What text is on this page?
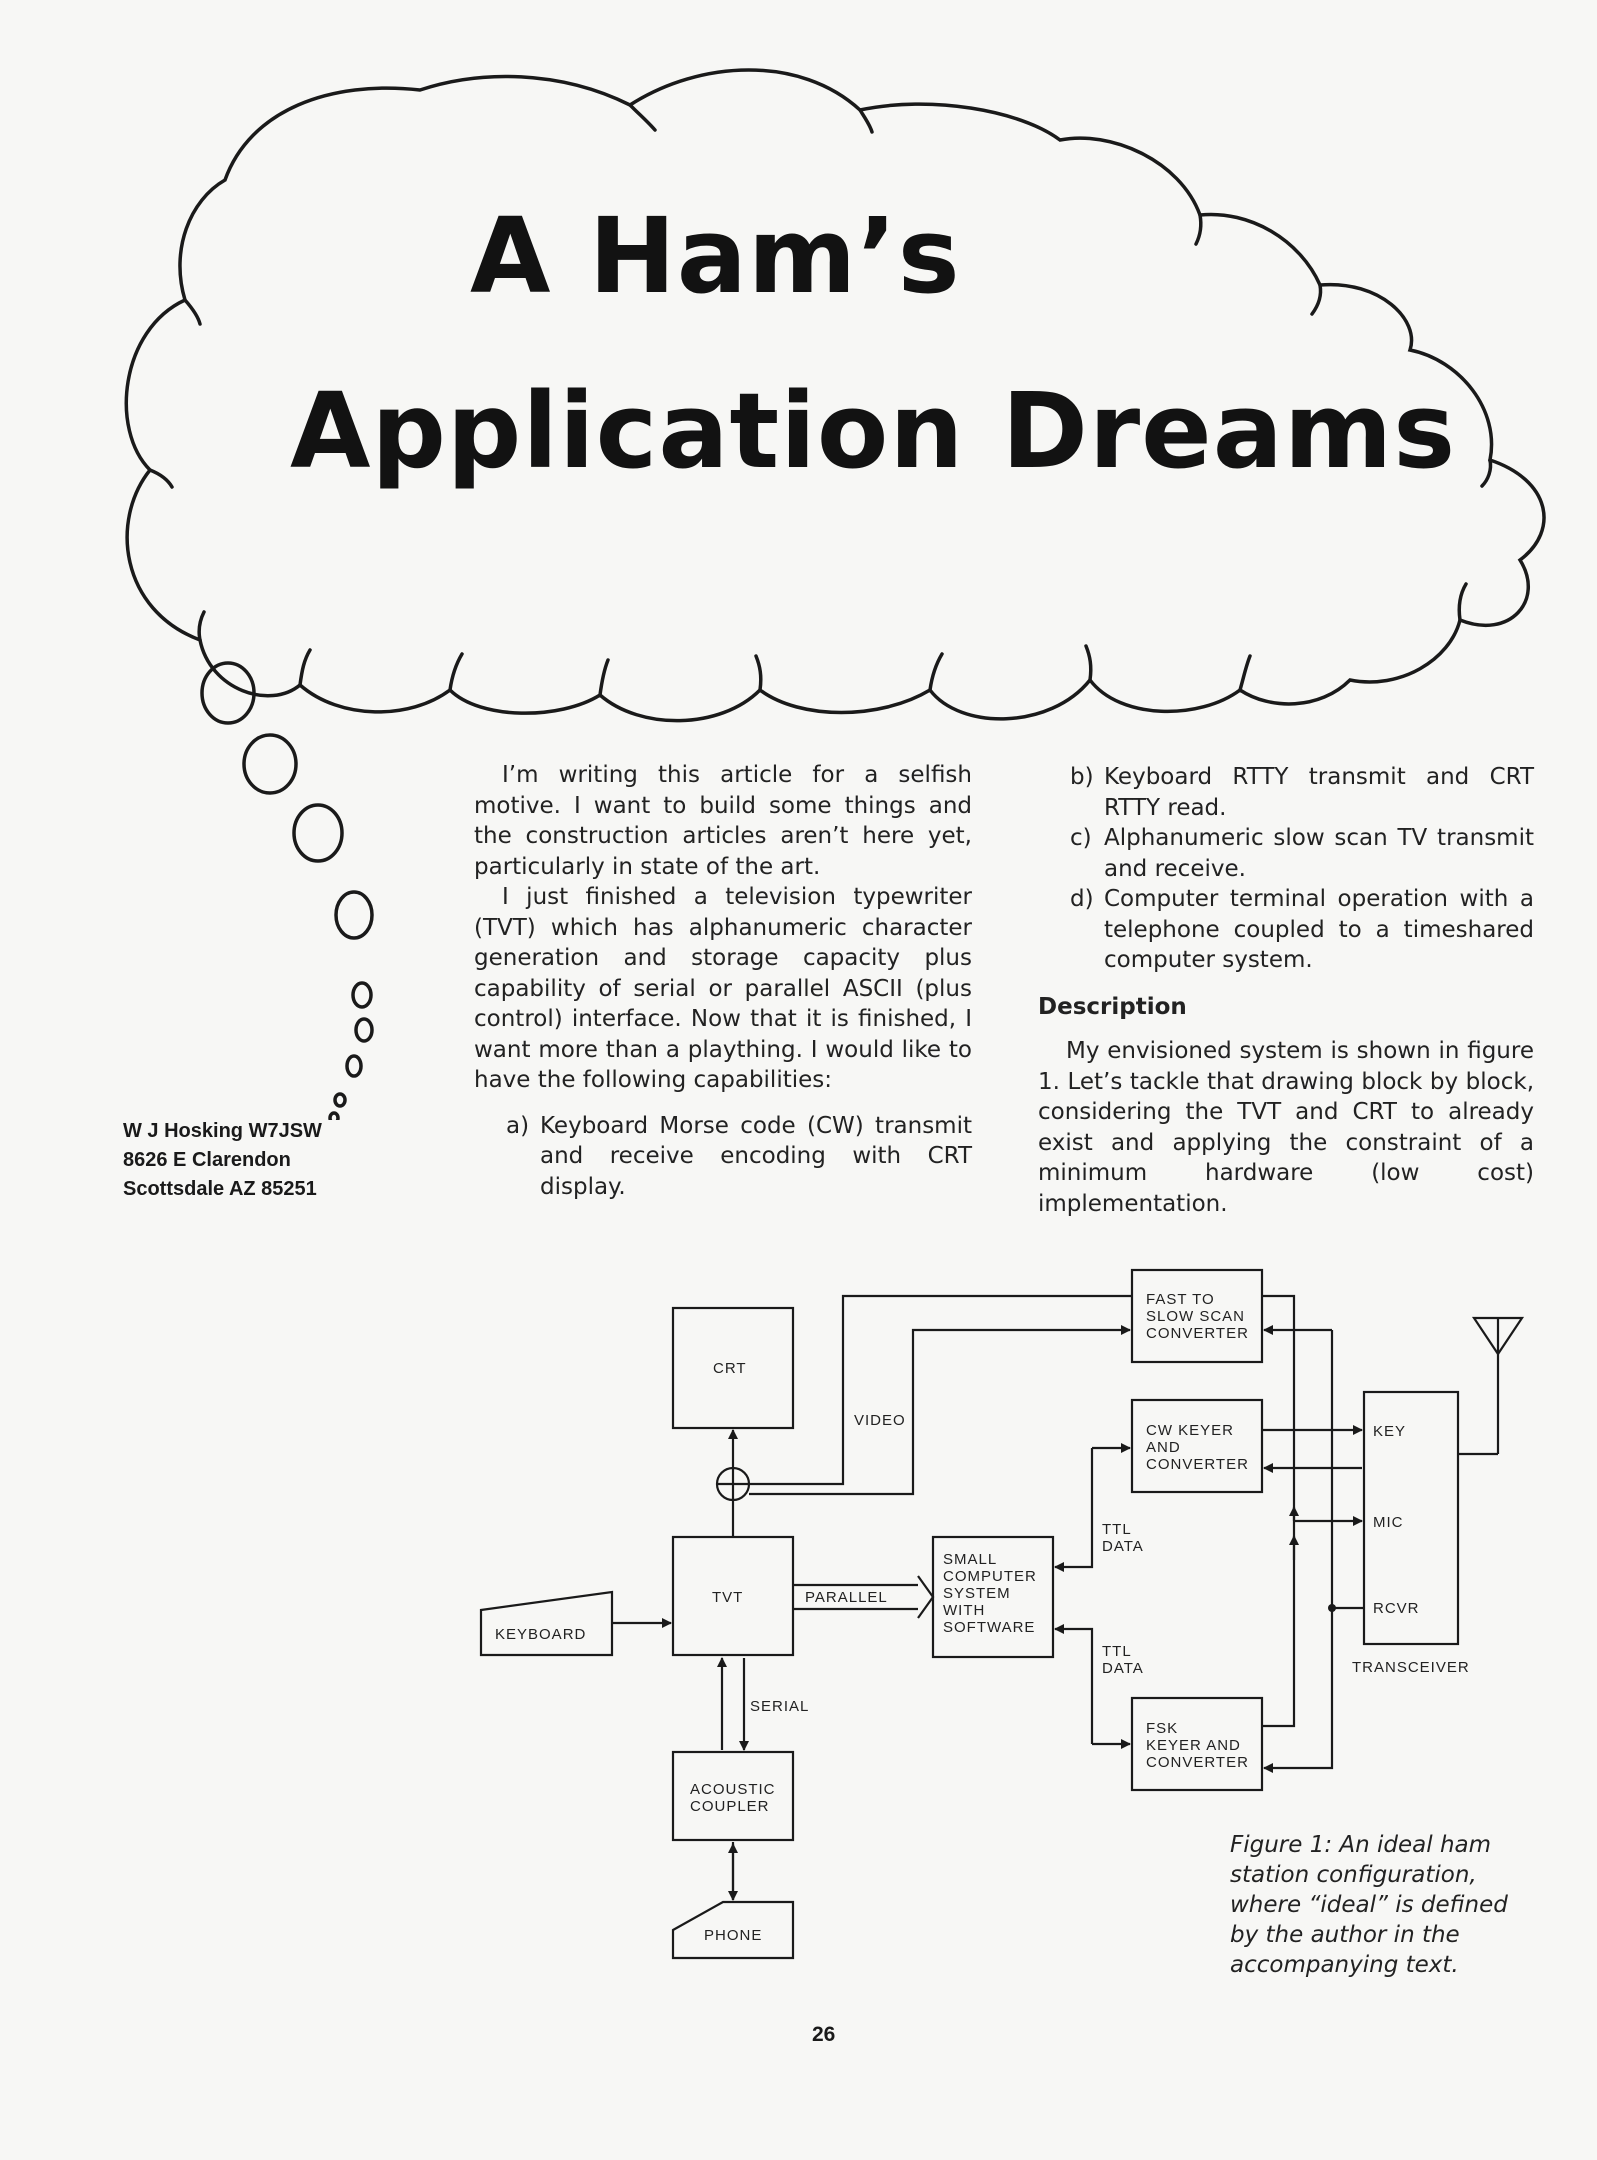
A Ham’s
Application Dreams
W J Hosking W7JSW
8626 E Clarendon
Scottsdale AZ 85251

I’m writing this article for a selfish motive. I want to build some things and the construction articles aren’t here yet, particularly in state of the art.

I just finished a television typewriter (TVT) which has alphanumeric character generation and storage capacity plus capability of serial or parallel ASCII (plus control) interface. Now that it is finished, I want more than a plaything. I would like to have the following capabilities:

a) Keyboard Morse code (CW) transmit and receive encoding with CRT display.
b) Keyboard RTTY transmit and CRT RTTY read.
c) Alphanumeric slow scan TV transmit and receive.
d) Computer terminal operation with a telephone coupled to a timeshared computer system.
Description

My envisioned system is shown in figure 1. Let’s tackle that drawing block by block, considering the TVT and CRT to already exist and applying the constraint of a minimum hardware (low cost) implementation.

CRT
TVT
KEYBOARD
ACOUSTIC
COUPLER
PHONE
VIDEO
PARALLEL
SERIAL
SMALL
COMPUTER
SYSTEM
WITH
SOFTWARE
TTL
DATA
TTL
DATA
FAST TO
SLOW SCAN
CONVERTER
CW KEYER
AND
CONVERTER
FSK
KEYER AND
CONVERTER
KEY
MIC
RCVR
TRANSCEIVER
Figure 1: An ideal ham station configuration, where “ideal” is defined by the author in the accompanying text.
26
